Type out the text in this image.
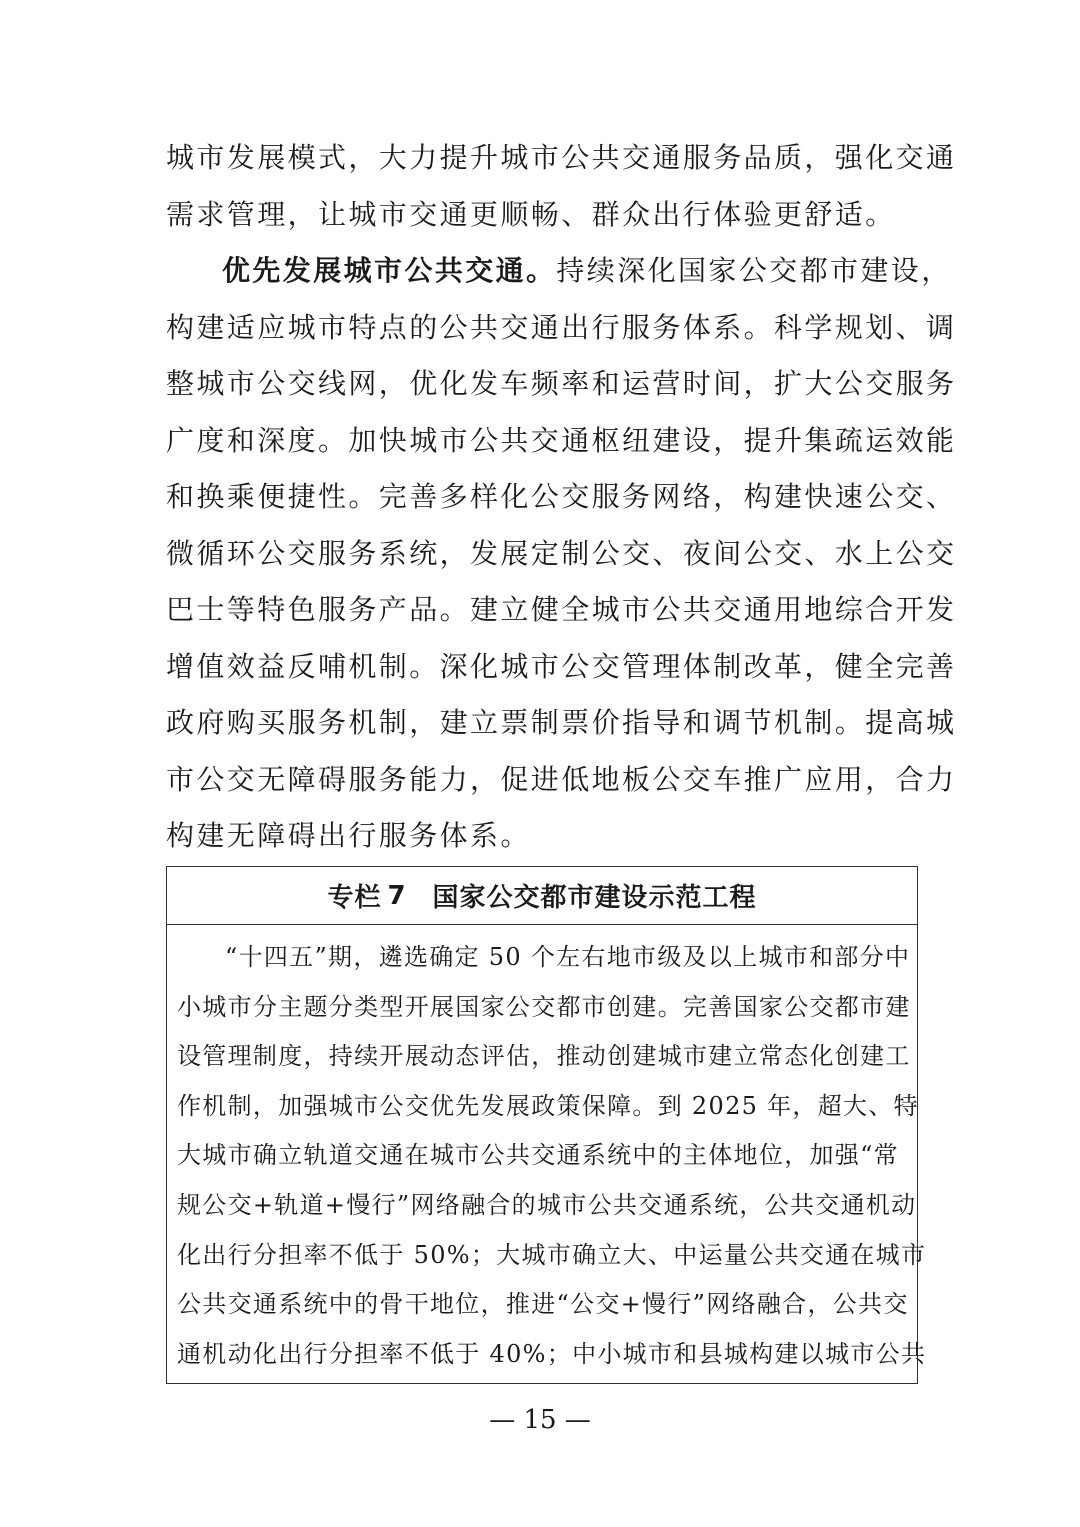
城市发展模式，大力提升城市公共交通服务品质，强化交通
需求管理，让城市交通更顺畅、群众出行体验更舒适。
优先发展城市公共交通。持续深化国家公交都市建设，
构建适应城市特点的公共交通出行服务体系。科学规划、调
整城市公交线网，优化发车频率和运营时间，扩大公交服务
广度和深度。加快城市公共交通枢纽建设，提升集疏运效能
和换乘便捷性。完善多样化公交服务网络，构建快速公交、
微循环公交服务系统，发展定制公交、夜间公交、水上公交
巴士等特色服务产品。建立健全城市公共交通用地综合开发
增值效益反哺机制。深化城市公交管理体制改革，健全完善
政府购买服务机制，建立票制票价指导和调节机制。提高城
市公交无障碍服务能力，促进低地板公交车推广应用，合力
构建无障碍出行服务体系。
专栏 7 国家公交都市建设示范工程
“十四五”期，遴选确定 50 个左右地市级及以上城市和部分中
小城市分主题分类型开展国家公交都市创建。完善国家公交都市建
设管理制度，持续开展动态评估，推动创建城市建立常态化创建工
作机制，加强城市公交优先发展政策保障。到 2025 年，超大、特
大城市确立轨道交通在城市公共交通系统中的主体地位，加强“常
规公交+轨道+慢行”网络融合的城市公共交通系统，公共交通机动
化出行分担率不低于 50%；大城市确立大、中运量公共交通在城市
公共交通系统中的骨干地位，推进“公交+慢行”网络融合，公共交
通机动化出行分担率不低于 40%；中小城市和县城构建以城市公共
— 15 —
